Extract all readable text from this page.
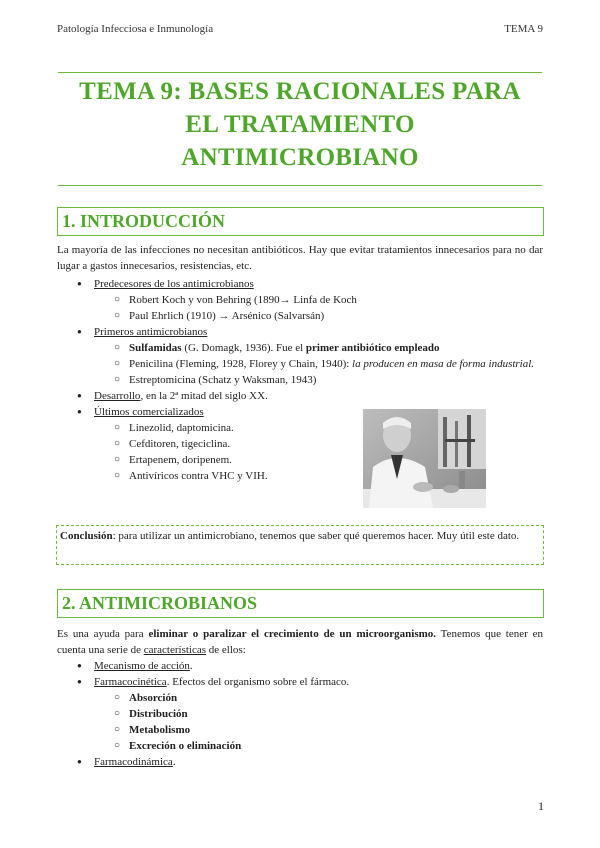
Patología Infecciosa e Inmunología	TEMA 9
TEMA 9: BASES RACIONALES PARA
EL TRATAMIENTO
ANTIMICROBIANO
1. INTRODUCCIÓN
La mayoría de las infecciones no necesitan antibióticos. Hay que evitar tratamientos innecesarios para no dar lugar a gastos innecesarios, resistencias, etc.
● Predecesores de los antimicrobianos
○ Robert Koch y von Behring (1890→ Linfa de Koch
○ Paul Ehrlich (1910) → Arsénico (Salvarsán)
● Primeros antimicrobianos
○ Sulfamidas (G. Domagk, 1936). Fue el primer antibiótico empleado
○ Penicilina (Fleming, 1928, Florey y Chain, 1940): la producen en masa de forma industrial.
○ Estreptomicina (Schatz y Waksman, 1943)
● Desarrollo, en la 2ª mitad del siglo XX.
● Últimos comercializados
○ Linezolid, daptomicina.
○ Cefditoren, tigeciclina.
○ Ertapenem, doripenem.
○ Antivíricos contra VHC y VIH.
Conclusión: para utilizar un antimicrobiano, tenemos que saber qué queremos hacer. Muy útil este dato.
2. ANTIMICROBIANOS
Es una ayuda para eliminar o paralizar el crecimiento de un microorganismo. Tenemos que tener en cuenta una serie de características de ellos:
● Mecanismo de acción.
● Farmacocinética. Efectos del organismo sobre el fármaco.
○ Absorción
○ Distribución
○ Metabolismo
○ Excreción o eliminación
● Farmacodinámica.
1
